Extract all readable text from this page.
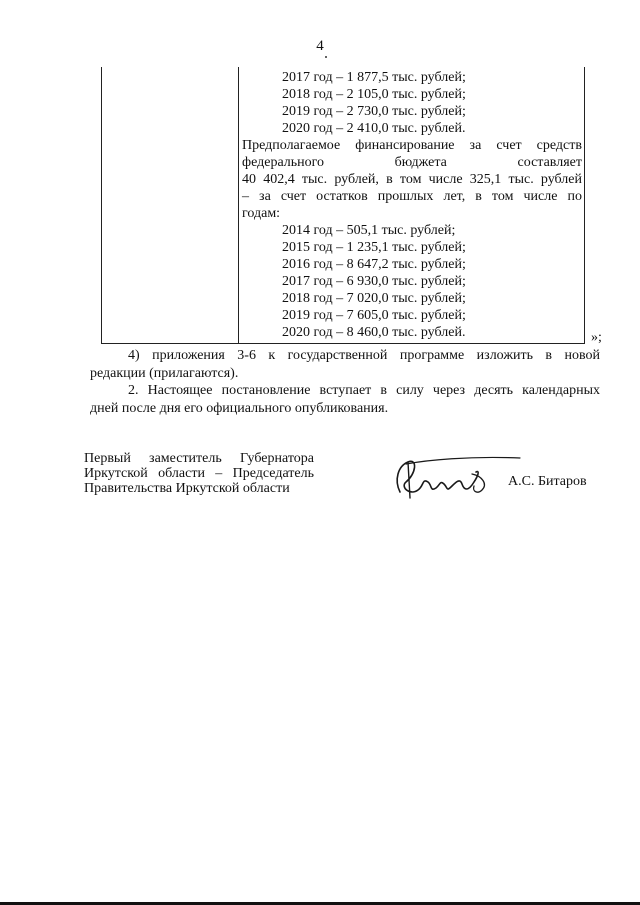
4
2017 год – 1 877,5 тыс. рублей;
2018 год – 2 105,0 тыс. рублей;
2019 год – 2 730,0 тыс. рублей;
2020 год – 2 410,0 тыс. рублей.
Предполагаемое финансирование за счет средств
федерального бюджета составляет
40 402,4 тыс. рублей, в том числе 325,1 тыс. рублей
– за счет остатков прошлых лет, в том числе по
годам:
2014 год – 505,1 тыс. рублей;
2015 год – 1 235,1 тыс. рублей;
2016 год – 8 647,2 тыс. рублей;
2017 год – 6 930,0 тыс. рублей;
2018 год – 7 020,0 тыс. рублей;
2019 год – 7 605,0 тыс. рублей;
2020 год – 8 460,0 тыс. рублей.	»;
4) приложения 3-6 к государственной программе изложить в новой
редакции (прилагаются).
2. Настоящее постановление вступает в силу через десять календарных
дней после дня его официального опубликования.
Первый заместитель Губернатора
Иркутской области – Председатель
Правительства Иркутской области	А.С. Битаров
